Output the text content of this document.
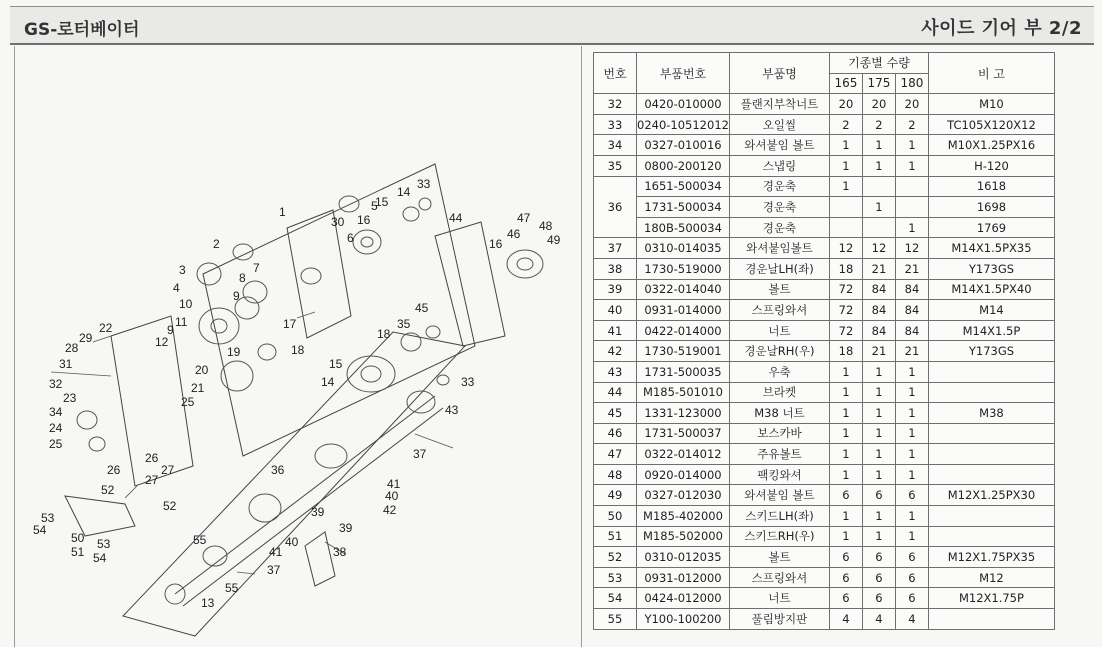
GS-로터베이터	사이드 기어 부 2/2
1
2
3
4
5
6
7
8
9
9
10
11
12
13
14
14
15
15
16
16
17
18
18
19
20
21
22
23
24
25
25
26
26
27
27
28
29
30
31
32
33
33
34
35
36
37
37
38
39
39
40
40
41
41
42
43
44
45
46
47
48
49
50
51
52
52
53
53
54
54
55
55
번호	부품번호	부품명	기종별 수량			비 고
			165	175	180	
32	0420-010000	플랜지부착너트	20	20	20	M10
33	0240-10512012	오일씰	2	2	2	TC105X120X12
34	0327-010016	와셔붙임 볼트	1	1	1	M10X1.25PX16
35	0800-200120	스냅링	1	1	1	H-120
36	1651-500034	경운축	1			1618
	1731-500034	경운축		1		1698
	180B-500034	경운축			1	1769
37	0310-014035	와셔붙임볼트	12	12	12	M14X1.5PX35
38	1730-519000	경운날LH(좌)	18	21	21	Y173GS
39	0322-014040	볼트	72	84	84	M14X1.5PX40
40	0931-014000	스프링와셔	72	84	84	M14
41	0422-014000	너트	72	84	84	M14X1.5P
42	1730-519001	경운날RH(우)	18	21	21	Y173GS
43	1731-500035	우축	1	1	1	
44	M185-501010	브라켓	1	1	1	
45	1331-123000	M38 너트	1	1	1	M38
46	1731-500037	보스카바	1	1	1	
47	0322-014012	주유볼트	1	1	1	
48	0920-014000	팩킹와셔	1	1	1	
49	0327-012030	와셔붙임 볼트	6	6	6	M12X1.25PX30
50	M185-402000	스키드LH(좌)	1	1	1	
51	M185-502000	스키드RH(우)	1	1	1	
52	0310-012035	볼트	6	6	6	M12X1.75PX35
53	0931-012000	스프링와셔	6	6	6	M12
54	0424-012000	너트	6	6	6	M12X1.75P
55	Y100-100200	풀림방지판	4	4	4	
